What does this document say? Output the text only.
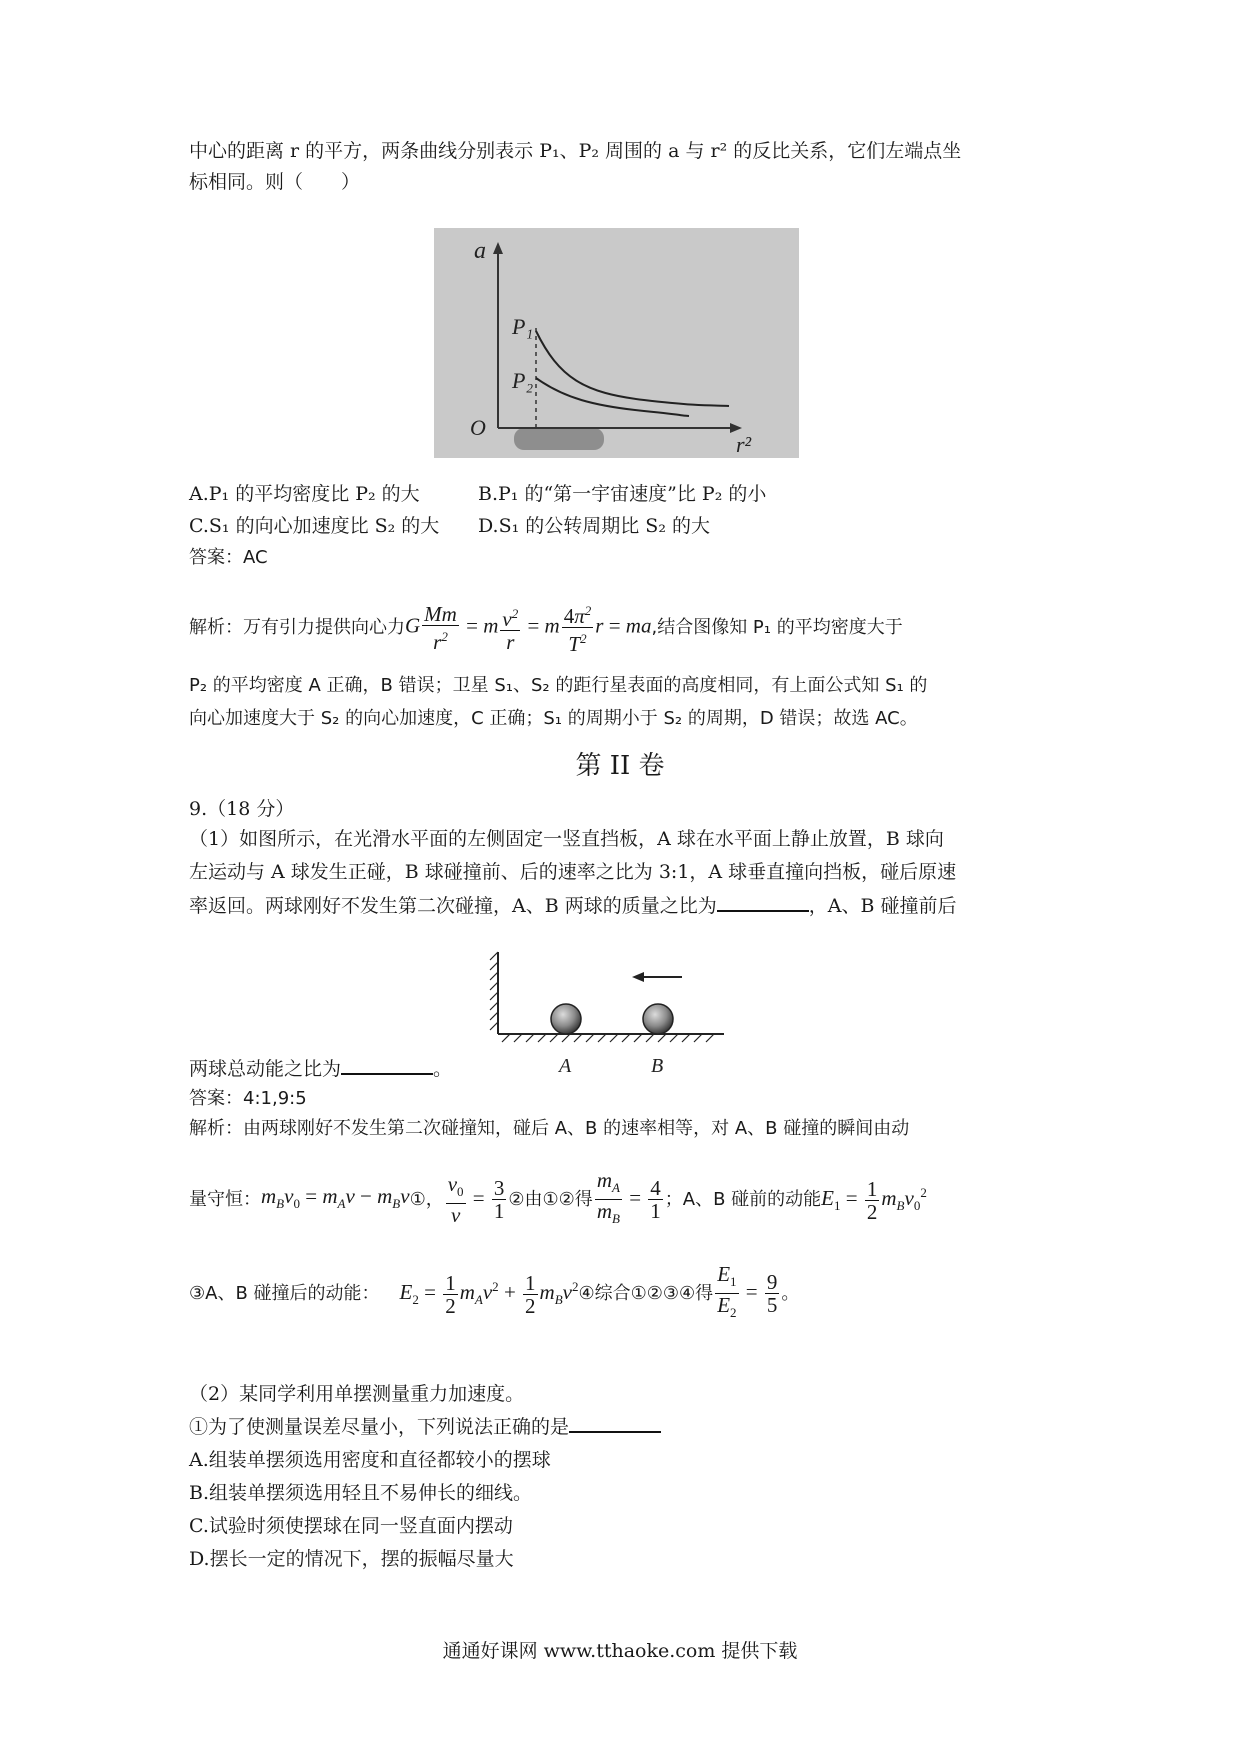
中心的距离 r 的平方，两条曲线分别表示 P₁、P₂ 周围的 a 与 r² 的反比关系，它们左端点坐
标相同。则（　　）
a
r²
O
P₁
P₂
A.P₁ 的平均密度比 P₂ 的大	B.P₁ 的“第一宇宙速度”比 P₂ 的小
C.S₁ 的向心加速度比 S₂ 的大 D.S₁ 的公转周期比 S₂ 的大
答案：AC
解析：万有引力提供向心力 G $\frac{Mm}{r^2} = m \frac{v^2}{r} = m \frac{4\pi^2}{T^2}$ r = ma ,结合图像知 P₁ 的平均密度大于
P₂ 的平均密度 A 正确，B 错误；卫星 S₁、S₂ 的距行星表面的高度相同，有上面公式知 S₁ 的
向心加速度大于 S₂ 的向心加速度，C 正确；S₁ 的周期小于 S₂ 的周期，D 错误；故选 AC。
第 II 卷
9.（18 分）
（1）如图所示，在光滑水平面的左侧固定一竖直挡板，A 球在水平面上静止放置，B 球向
左运动与 A 球发生正碰，B 球碰撞前、后的速率之比为 3:1，A 球垂直撞向挡板，碰后原速
率返回。两球刚好不发生第二次碰撞，A、B 两球的质量之比为	，A、B 碰撞前后
A	B
两球总动能之比为	。
答案：4:1,9:5
解析：由两球刚好不发生第二次碰撞知，碰后 A、B 的速率相等，对 A、B 碰撞的瞬间由动
量守恒： $m_Bv_0 = m_Av - m_Bv$ ①， $\frac{v_0}{v} = \frac{3}{1}$ ② 由①②得 $\frac{m_A}{m_B} = \frac{4}{1}$ ；A、B 碰前的动能 $E_1 = \frac{1}{2} m_Bv_0^2$
③A、B 碰撞后的动能： $E_2 = \frac{1}{2} m_Av^2 + \frac{1}{2} m_Bv^2$ ④综合①②③④得 $\frac{E_1}{E_2} = \frac{9}{5}$ 。
（2）某同学利用单摆测量重力加速度。
①为了使测量误差尽量小，下列说法正确的是
A.组装单摆须选用密度和直径都较小的摆球
B.组装单摆须选用轻且不易伸长的细线。
C.试验时须使摆球在同一竖直面内摆动
D.摆长一定的情况下，摆的振幅尽量大
通通好课网 www.tthaoke.com 提供下载
